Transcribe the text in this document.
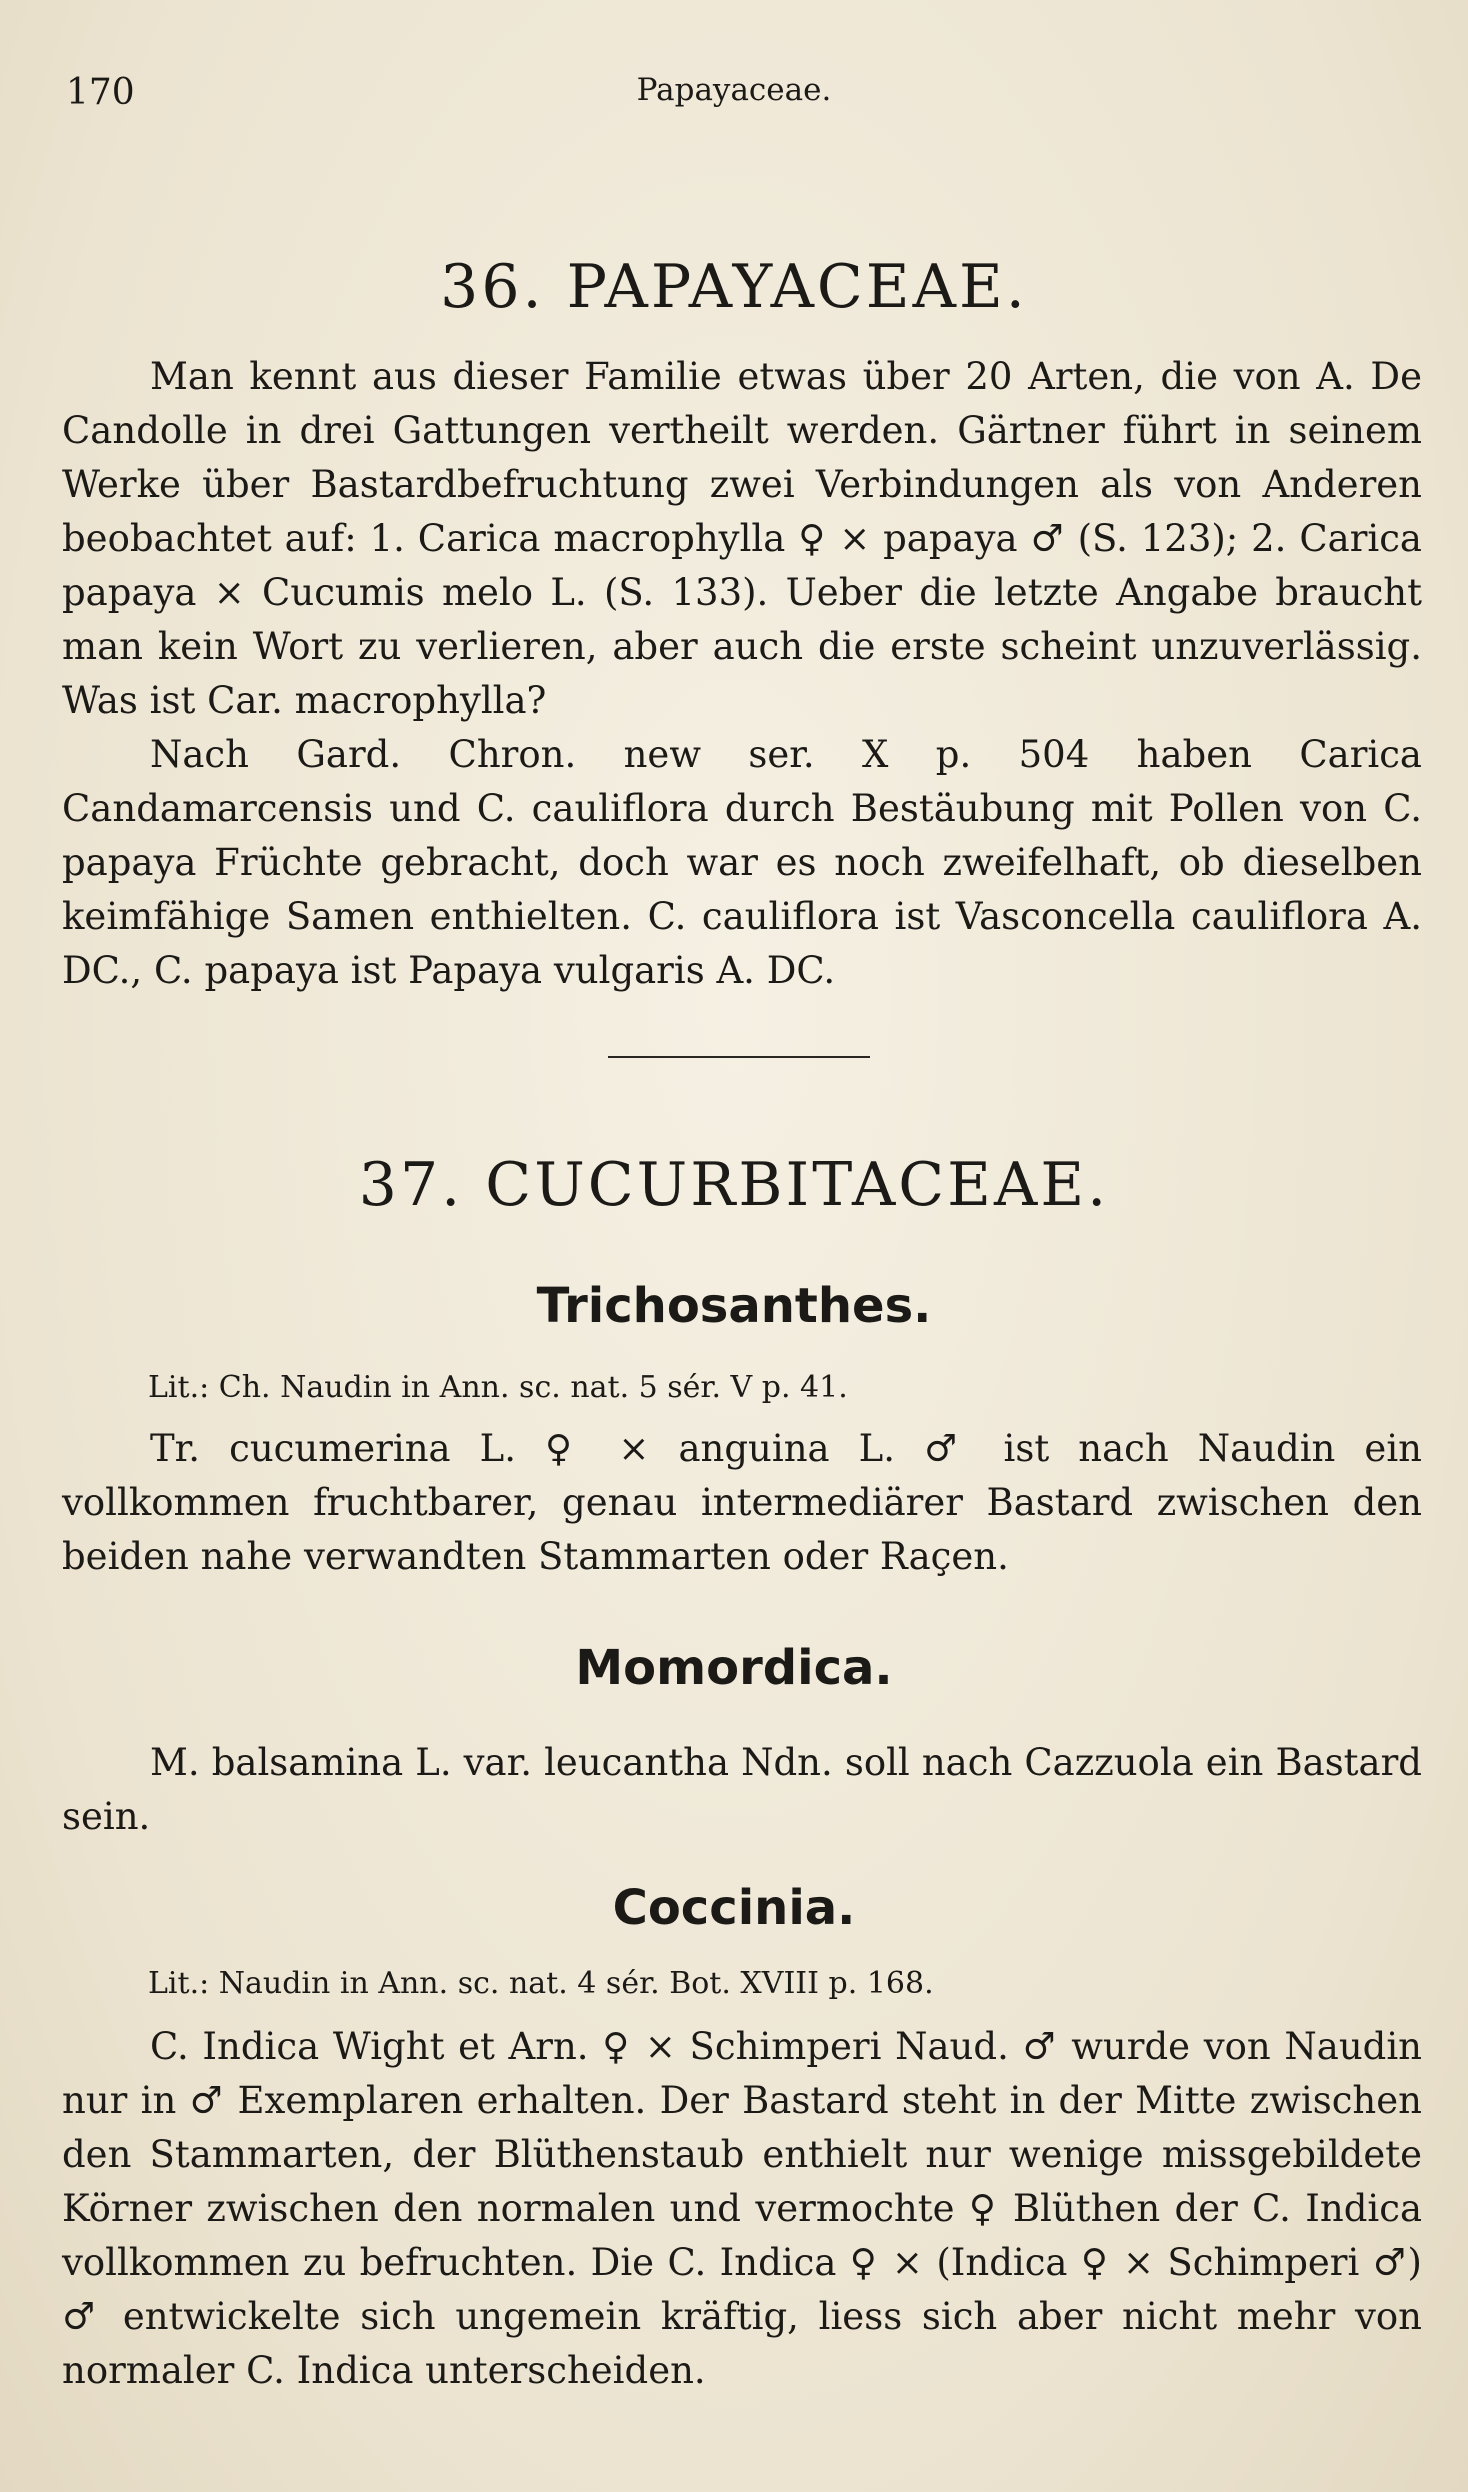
170	Papayaceae.
36. PAPAYACEAE.
Man kennt aus dieser Familie etwas über 20 Arten, die von A. De Candolle in drei Gattungen vertheilt werden. Gärtner führt in seinem Werke über Bastardbefruchtung zwei Verbindungen als von Anderen beobachtet auf: 1. Carica macrophylla ♀ × papaya ♂ (S. 123); 2. Carica papaya × Cucumis melo L. (S. 133). Ueber die letzte Angabe braucht man kein Wort zu verlieren, aber auch die erste scheint unzuverlässig. Was ist Car. macrophylla?
Nach Gard. Chron. new ser. X p. 504 haben Carica Candamarcensis und C. cauliflora durch Bestäubung mit Pollen von C. papaya Früchte gebracht, doch war es noch zweifelhaft, ob dieselben keimfähige Samen enthielten. C. cauliflora ist Vasconcella cauliflora A. DC., C. papaya ist Papaya vulgaris A. DC.
37. CUCURBITACEAE.
Trichosanthes.
Lit.: Ch. Naudin in Ann. sc. nat. 5 sér. V p. 41.
Tr. cucumerina L. ♀ × anguina L. ♂ ist nach Naudin ein vollkommen fruchtbarer, genau intermediärer Bastard zwischen den beiden nahe verwandten Stammarten oder Raçen.
Momordica.
M. balsamina L. var. leucantha Ndn. soll nach Cazzuola ein Bastard sein.
Coccinia.
Lit.: Naudin in Ann. sc. nat. 4 sér. Bot. XVIII p. 168.
C. Indica Wight et Arn. ♀ × Schimperi Naud. ♂ wurde von Naudin nur in ♂ Exemplaren erhalten. Der Bastard steht in der Mitte zwischen den Stammarten, der Blüthenstaub enthielt nur wenige missgebildete Körner zwischen den normalen und vermochte ♀ Blüthen der C. Indica vollkommen zu befruchten. Die C. Indica ♀ × (Indica ♀ × Schimperi ♂) ♂ entwickelte sich ungemein kräftig, liess sich aber nicht mehr von normaler C. Indica unterscheiden.
